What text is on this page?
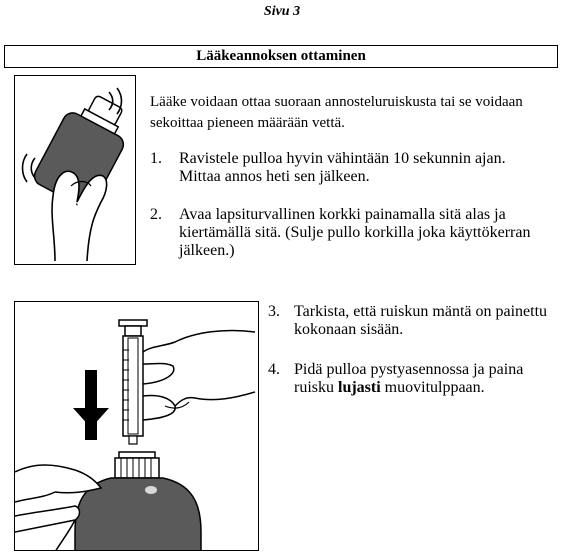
Sivu 3
Lääkeannoksen ottaminen
Lääke voidaan ottaa suoraan annosteluruiskusta tai se voidaan sekoittaa pieneen määrään vettä.
1.	Ravistele pulloa hyvin vähintään 10 sekunnin ajan. Mittaa annos heti sen jälkeen.
2.	Avaa lapsiturvallinen korkki painamalla sitä alas ja kiertämällä sitä. (Sulje pullo korkilla joka käyttökerran jälkeen.)
3. Tarkista, että ruiskun mäntä on painettu kokonaan sisään.
4. Pidä pulloa pystyasennossa ja paina ruisku lujasti muovitulppaan.
